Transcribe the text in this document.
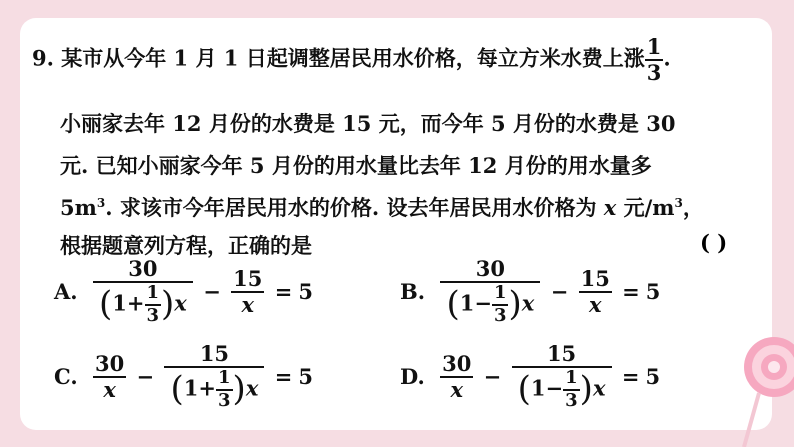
9. 某市从今年 1 月 1 日起调整居民用水价格，每立方米水费上涨 $\frac{1}{3}$ .
小丽家去年 12 月份的水费是 15 元，而今年 5 月份的水费是 30
元. 已知小丽家今年 5 月份的用水量比去年 12 月份的用水量多
$5m^3$. 求该市今年居民用水的价格. 设去年居民用水价格为 x 元$/m^3$，
根据题意列方程，正确的是	( )
A. $\frac{30}{(1+ \frac{1}{3} )x} - \frac{15}{x} = 5$	B. $\frac{30}{(1- \frac{1}{3} )x} - \frac{15}{x} = 5$
C. $\frac{30}{x} - \frac{15}{(1+ \frac{1}{3} )x} = 5$	D. $\frac{30}{x} - \frac{15}{(1- \frac{1}{3} )x} = 5$
